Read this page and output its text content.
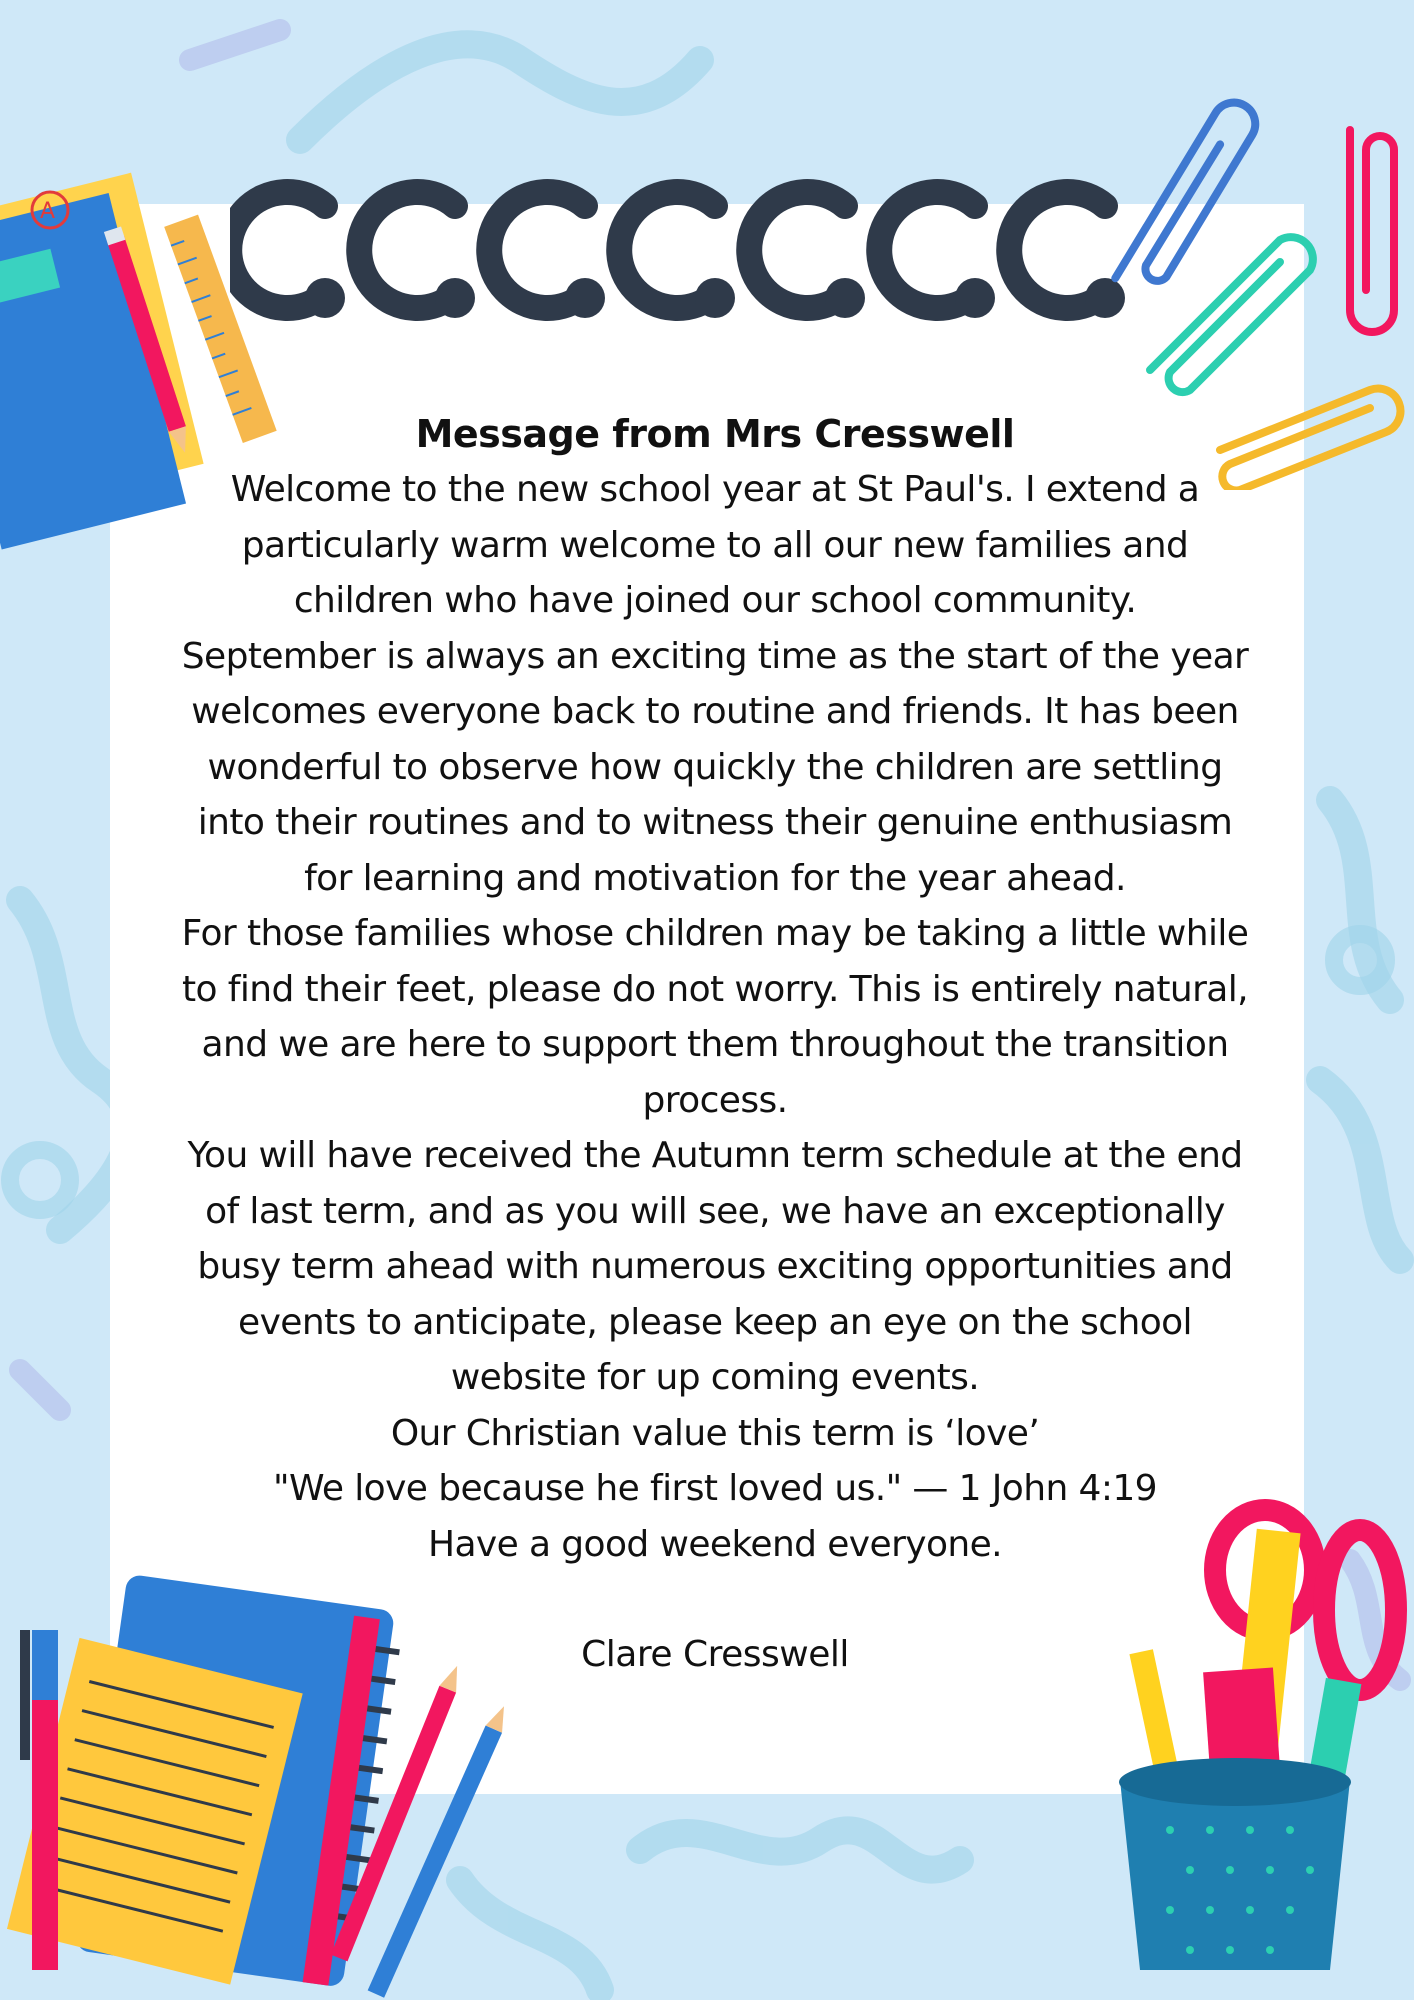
A

Message from Mrs Cresswell

Welcome to the new school year at St Paul's. I extend a particularly warm welcome to all our new families and children who have joined our school community.

September is always an exciting time as the start of the year welcomes everyone back to routine and friends. It has been wonderful to observe how quickly the children are settling into their routines and to witness their genuine enthusiasm for learning and motivation for the year ahead.

For those families whose children may be taking a little while to find their feet, please do not worry. This is entirely natural, and we are here to support them throughout the transition process.

You will have received the Autumn term schedule at the end of last term, and as you will see, we have an exceptionally busy term ahead with numerous exciting opportunities and events to anticipate, please keep an eye on the school website for up coming events.

Our Christian value this term is ‘love’

"We love because he first loved us." — 1 John 4:19

Have a good weekend everyone.

Clare Cresswell
